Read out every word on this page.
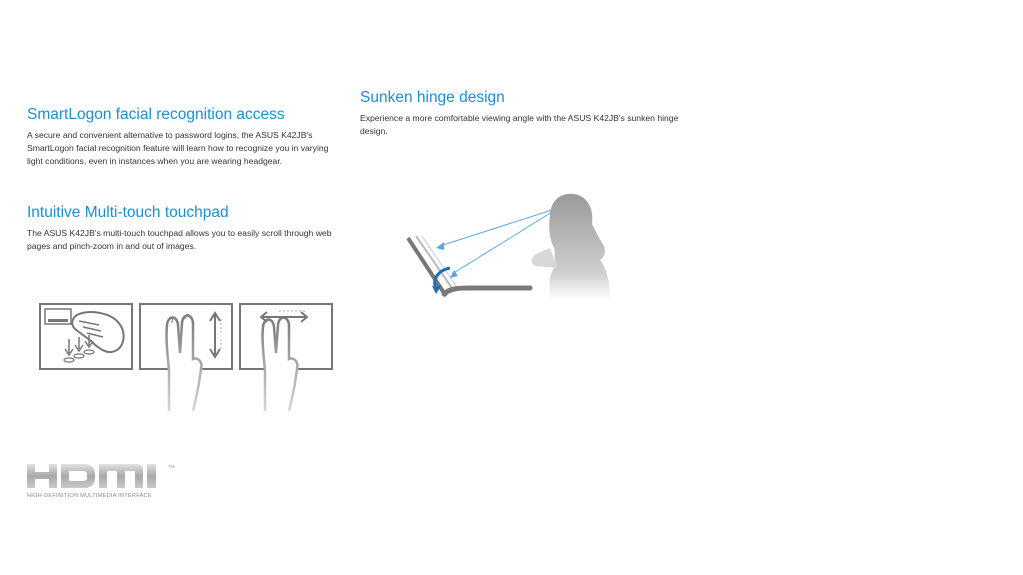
SmartLogon facial recognition access

A secure and convenient alternative to password logins, the ASUS K42JB's SmartLogon facial recognition feature will learn how to recognize you in varying light conditions, even in instances when you are wearing headgear.

Intuitive Multi-touch touchpad

The ASUS K42JB's multi-touch touchpad allows you to easily scroll through web pages and pinch-zoom in and out of images.

Sunken hinge design

Experience a more comfortable viewing angle with the ASUS K42JB's sunken hinge design.

TM
HIGH-DEFINITION MULTIMEDIA INTERFACE
